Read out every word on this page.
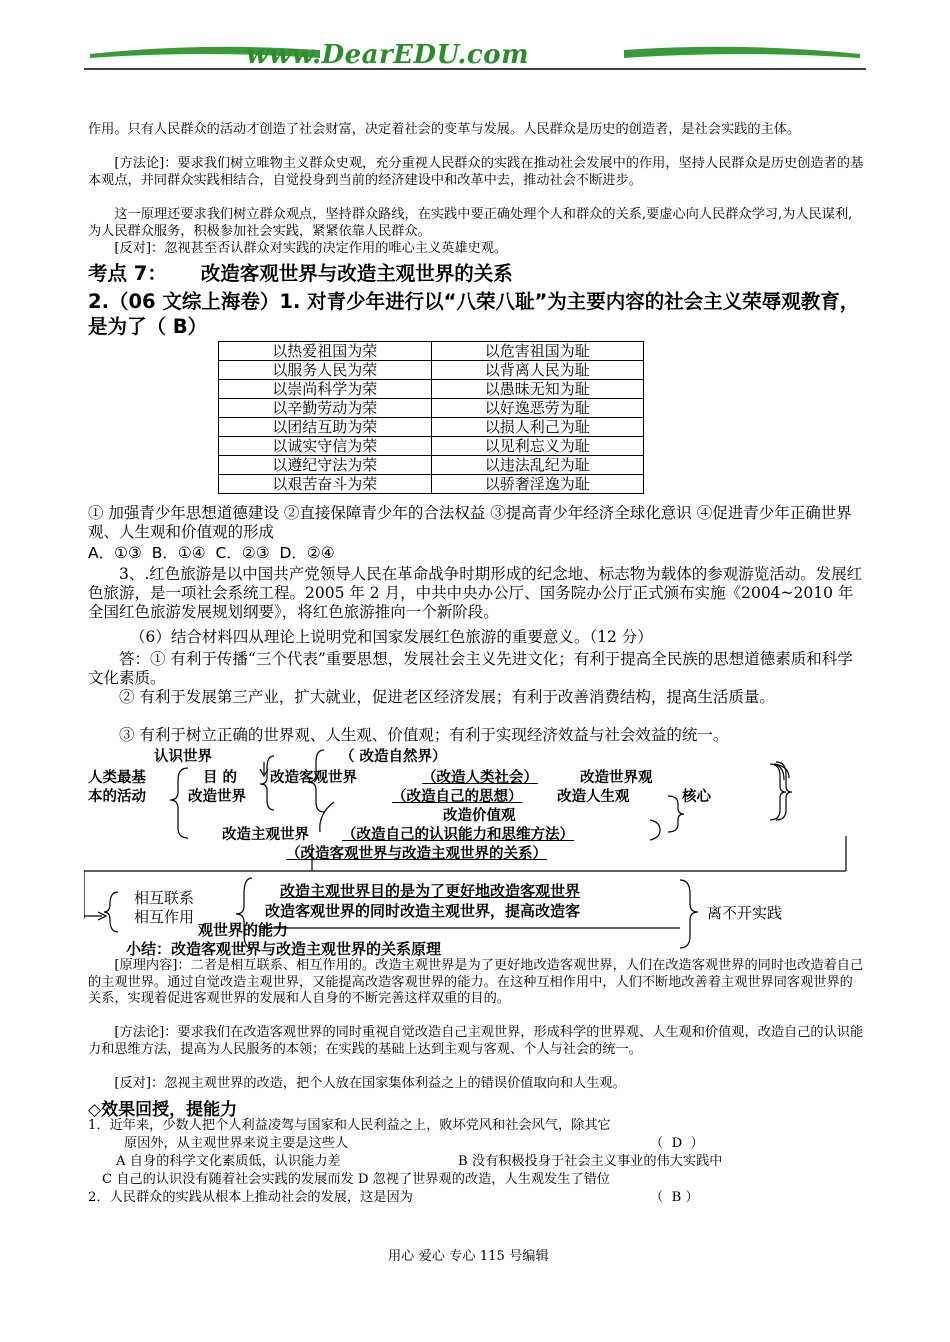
www.DearEDU.com
作用。只有人民群众的活动才创造了社会财富，决定着社会的变革与发展。人民群众是历史的创造者，是社会实践的主体。
[方法论]：要求我们树立唯物主义群众史观，充分重视人民群众的实践在推动社会发展中的作用，坚持人民群众是历史创造者的基本观点，并同群众实践相结合，自觉投身到当前的经济建设中和改革中去，推动社会不断进步。
这一原理还要求我们树立群众观点，坚持群众路线，在实践中要正确处理个人和群众的关系,要虚心向人民群众学习,为人民谋利,为人民群众服务，积极参加社会实践，紧紧依靠人民群众。
[反对]：忽视甚至否认群众对实践的决定作用的唯心主义英雄史观。
考点 7：     改造客观世界与改造主观世界的关系
2.（06 文综上海卷）1. 对青少年进行以“八荣八耻”为主要内容的社会主义荣辱观教育，是为了（ B）
以热爱祖国为荣	以危害祖国为耻
以服务人民为荣	以背离人民为耻
以崇尚科学为荣	以愚昧无知为耻
以辛勤劳动为荣	以好逸恶劳为耻
以团结互助为荣	以损人利己为耻
以诚实守信为荣	以见利忘义为耻
以遵纪守法为荣	以违法乱纪为耻
以艰苦奋斗为荣	以骄奢淫逸为耻
① 加强青少年思想道德建设 ②直接保障青少年的合法权益 ③提高青少年经济全球化意识 ④促进青少年正确世界观、人生观和价值观的形成
A．①③  B．①④  C．②③  D．②④
3、.红色旅游是以中国共产党领导人民在革命战争时期形成的纪念地、标志物为载体的参观游览活动。发展红色旅游，是一项社会系统工程。2005 年 2 月，中共中央办公厅、国务院办公厅正式颁布实施《2004~2010 年全国红色旅游发展规划纲要》，将红色旅游推向一个新阶段。
（6）结合材料四从理论上说明党和国家发展红色旅游的重要意义。（12 分）
答：① 有利于传播“三个代表”重要思想，发展社会主义先进文化；有利于提高全民族的思想道德素质和科学文化素质。
② 有利于发展第三产业，扩大就业，促进老区经济发展；有利于改善消费结构，提高生活质量。
③ 有利于树立正确的世界观、人生观、价值观；有利于实现经济效益与社会效益的统一。
认识世界	（ 改造自然界）
人类最基	目 的 改造客观世界	（改造人类社会）	改造世界观
本的活动	改造世界	（改造自己的思想） 改造人生观	核心
改造价值观
改造主观世界 （改造自己的认识能力和思维方法）
（改造客观世界与改造主观世界的关系）
相互联系
相互作用
改造主观世界目的是为了更好地改造客观世界
改造客观世界的同时改造主观世界，提高改造客
观世界的能力
离不开实践
小结：改造客观世界与改造主观世界的关系原理
[原理内容]：二者是相互联系、相互作用的。改造主观世界是为了更好地改造客观世界，人们在改造客观世界的同时也改造着自己的主观世界。通过自觉改造主观世界，又能提高改造客观世界的能力。在这种互相作用中，人们不断地改善着主观世界同客观世界的关系，实现着促进客观世界的发展和人自身的不断完善这样双重的目的。
[方法论]：要求我们在改造客观世界的同时重视自觉改造自己主观世界，形成科学的世界观、人生观和价值观，改造自己的认识能力和思维方法，提高为人民服务的本领；在实践的基础上达到主观与客观、个人与社会的统一。
[反对]：忽视主观世界的改造，把个人放在国家集体利益之上的错误价值取向和人生观。
◇效果回授，提能力
1．近年来，少数人把个人利益凌驾与国家和人民利益之上，败坏党风和社会风气，除其它
原因外，从主观世界来说主要是这些人	（  D  ）
A 自身的科学文化素质低，认识能力差	B 没有积极投身于社会主义事业的伟大实践中
C 自己的认识没有随着社会实践的发展而发 D 忽视了世界观的改造，人生观发生了错位
2．人民群众的实践从根本上推动社会的发展，这是因为	（  B ）
用心 爱心 专心 115 号编辑
